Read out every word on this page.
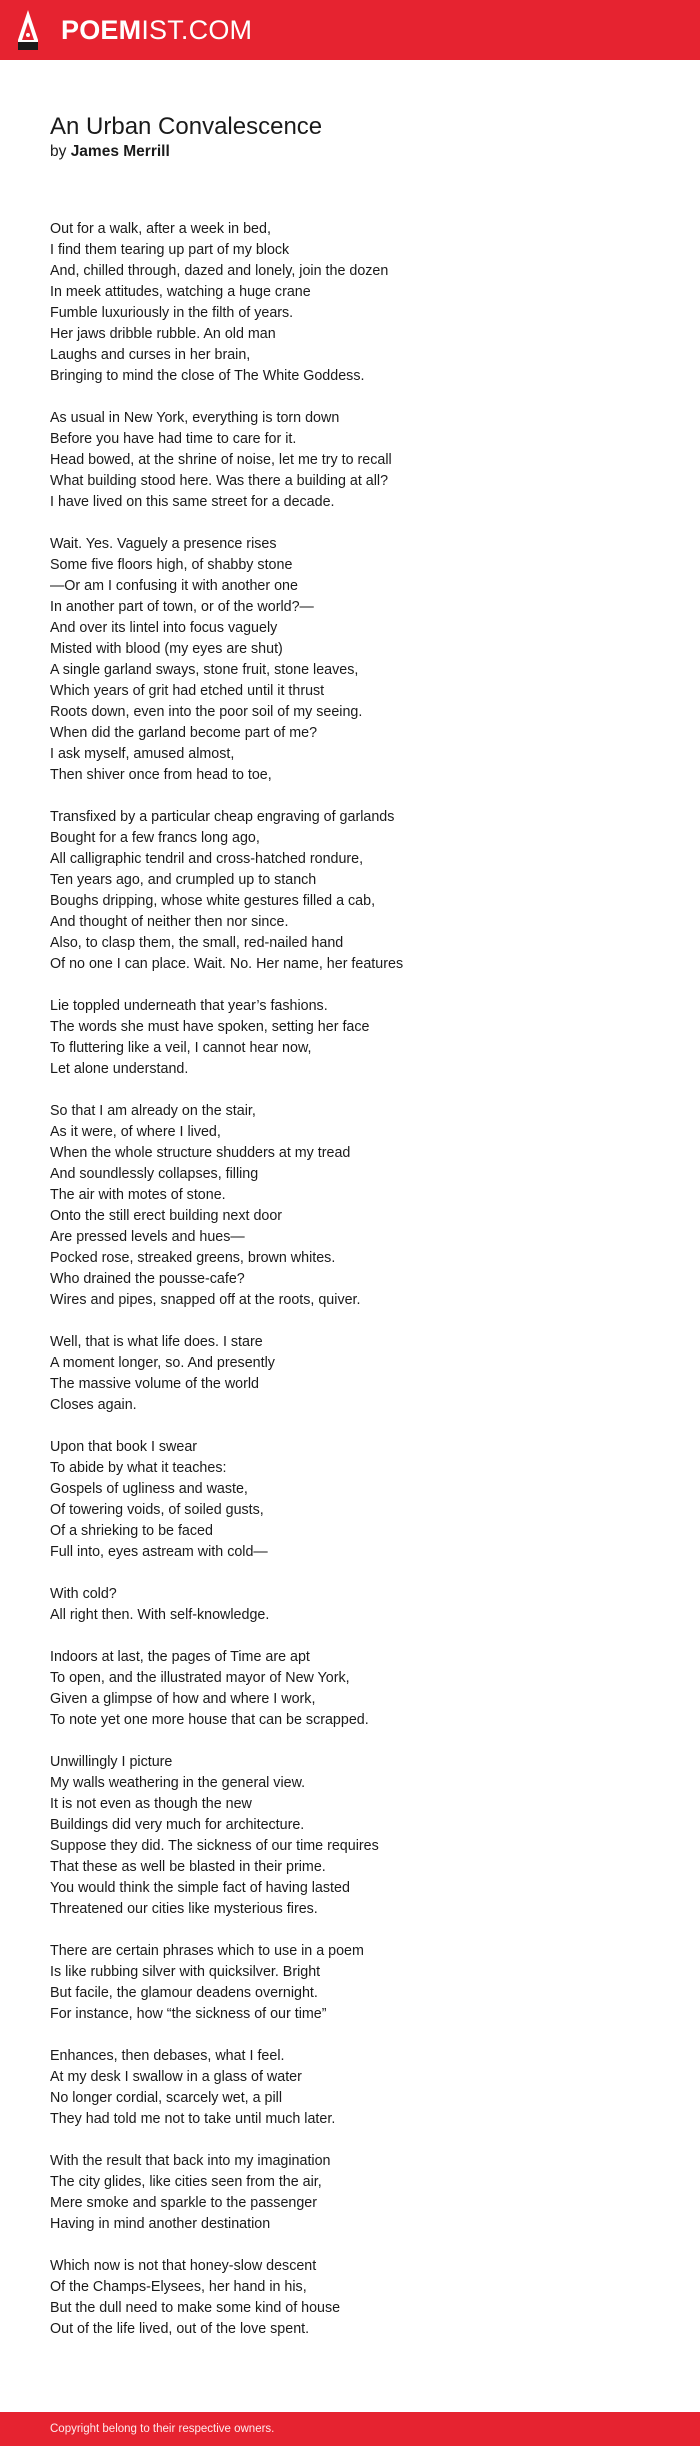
POEMIST.COM
An Urban Convalescence
by James Merrill
Out for a walk, after a week in bed,
I find them tearing up part of my block
And, chilled through, dazed and lonely, join the dozen
In meek attitudes, watching a huge crane
Fumble luxuriously in the filth of years.
Her jaws dribble rubble. An old man
Laughs and curses in her brain,
Bringing to mind the close of The White Goddess.
As usual in New York, everything is torn down
Before you have had time to care for it.
Head bowed, at the shrine of noise, let me try to recall
What building stood here. Was there a building at all?
I have lived on this same street for a decade.
Wait. Yes. Vaguely a presence rises
Some five floors high, of shabby stone
—Or am I confusing it with another one
In another part of town, or of the world?—
And over its lintel into focus vaguely
Misted with blood (my eyes are shut)
A single garland sways, stone fruit, stone leaves,
Which years of grit had etched until it thrust
Roots down, even into the poor soil of my seeing.
When did the garland become part of me?
I ask myself, amused almost,
Then shiver once from head to toe,
Transfixed by a particular cheap engraving of garlands
Bought for a few francs long ago,
All calligraphic tendril and cross-hatched rondure,
Ten years ago, and crumpled up to stanch
Boughs dripping, whose white gestures filled a cab,
And thought of neither then nor since.
Also, to clasp them, the small, red-nailed hand
Of no one I can place. Wait. No. Her name, her features
Lie toppled underneath that year’s fashions.
The words she must have spoken, setting her face
To fluttering like a veil, I cannot hear now,
Let alone understand.
So that I am already on the stair,
As it were, of where I lived,
When the whole structure shudders at my tread
And soundlessly collapses, filling
The air with motes of stone.
Onto the still erect building next door
Are pressed levels and hues—
Pocked rose, streaked greens, brown whites.
Who drained the pousse-cafe?
Wires and pipes, snapped off at the roots, quiver.
Well, that is what life does. I stare
A moment longer, so. And presently
The massive volume of the world
Closes again.
Upon that book I swear
To abide by what it teaches:
Gospels of ugliness and waste,
Of towering voids, of soiled gusts,
Of a shrieking to be faced
Full into, eyes astream with cold—
With cold?
All right then. With self-knowledge.
Indoors at last, the pages of Time are apt
To open, and the illustrated mayor of New York,
Given a glimpse of how and where I work,
To note yet one more house that can be scrapped.
Unwillingly I picture
My walls weathering in the general view.
It is not even as though the new
Buildings did very much for architecture.
Suppose they did. The sickness of our time requires
That these as well be blasted in their prime.
You would think the simple fact of having lasted
Threatened our cities like mysterious fires.
There are certain phrases which to use in a poem
Is like rubbing silver with quicksilver. Bright
But facile, the glamour deadens overnight.
For instance, how “the sickness of our time”
Enhances, then debases, what I feel.
At my desk I swallow in a glass of water
No longer cordial, scarcely wet, a pill
They had told me not to take until much later.
With the result that back into my imagination
The city glides, like cities seen from the air,
Mere smoke and sparkle to the passenger
Having in mind another destination
Which now is not that honey-slow descent
Of the Champs-Elysees, her hand in his,
But the dull need to make some kind of house
Out of the life lived, out of the love spent.
Copyright belong to their respective owners.
